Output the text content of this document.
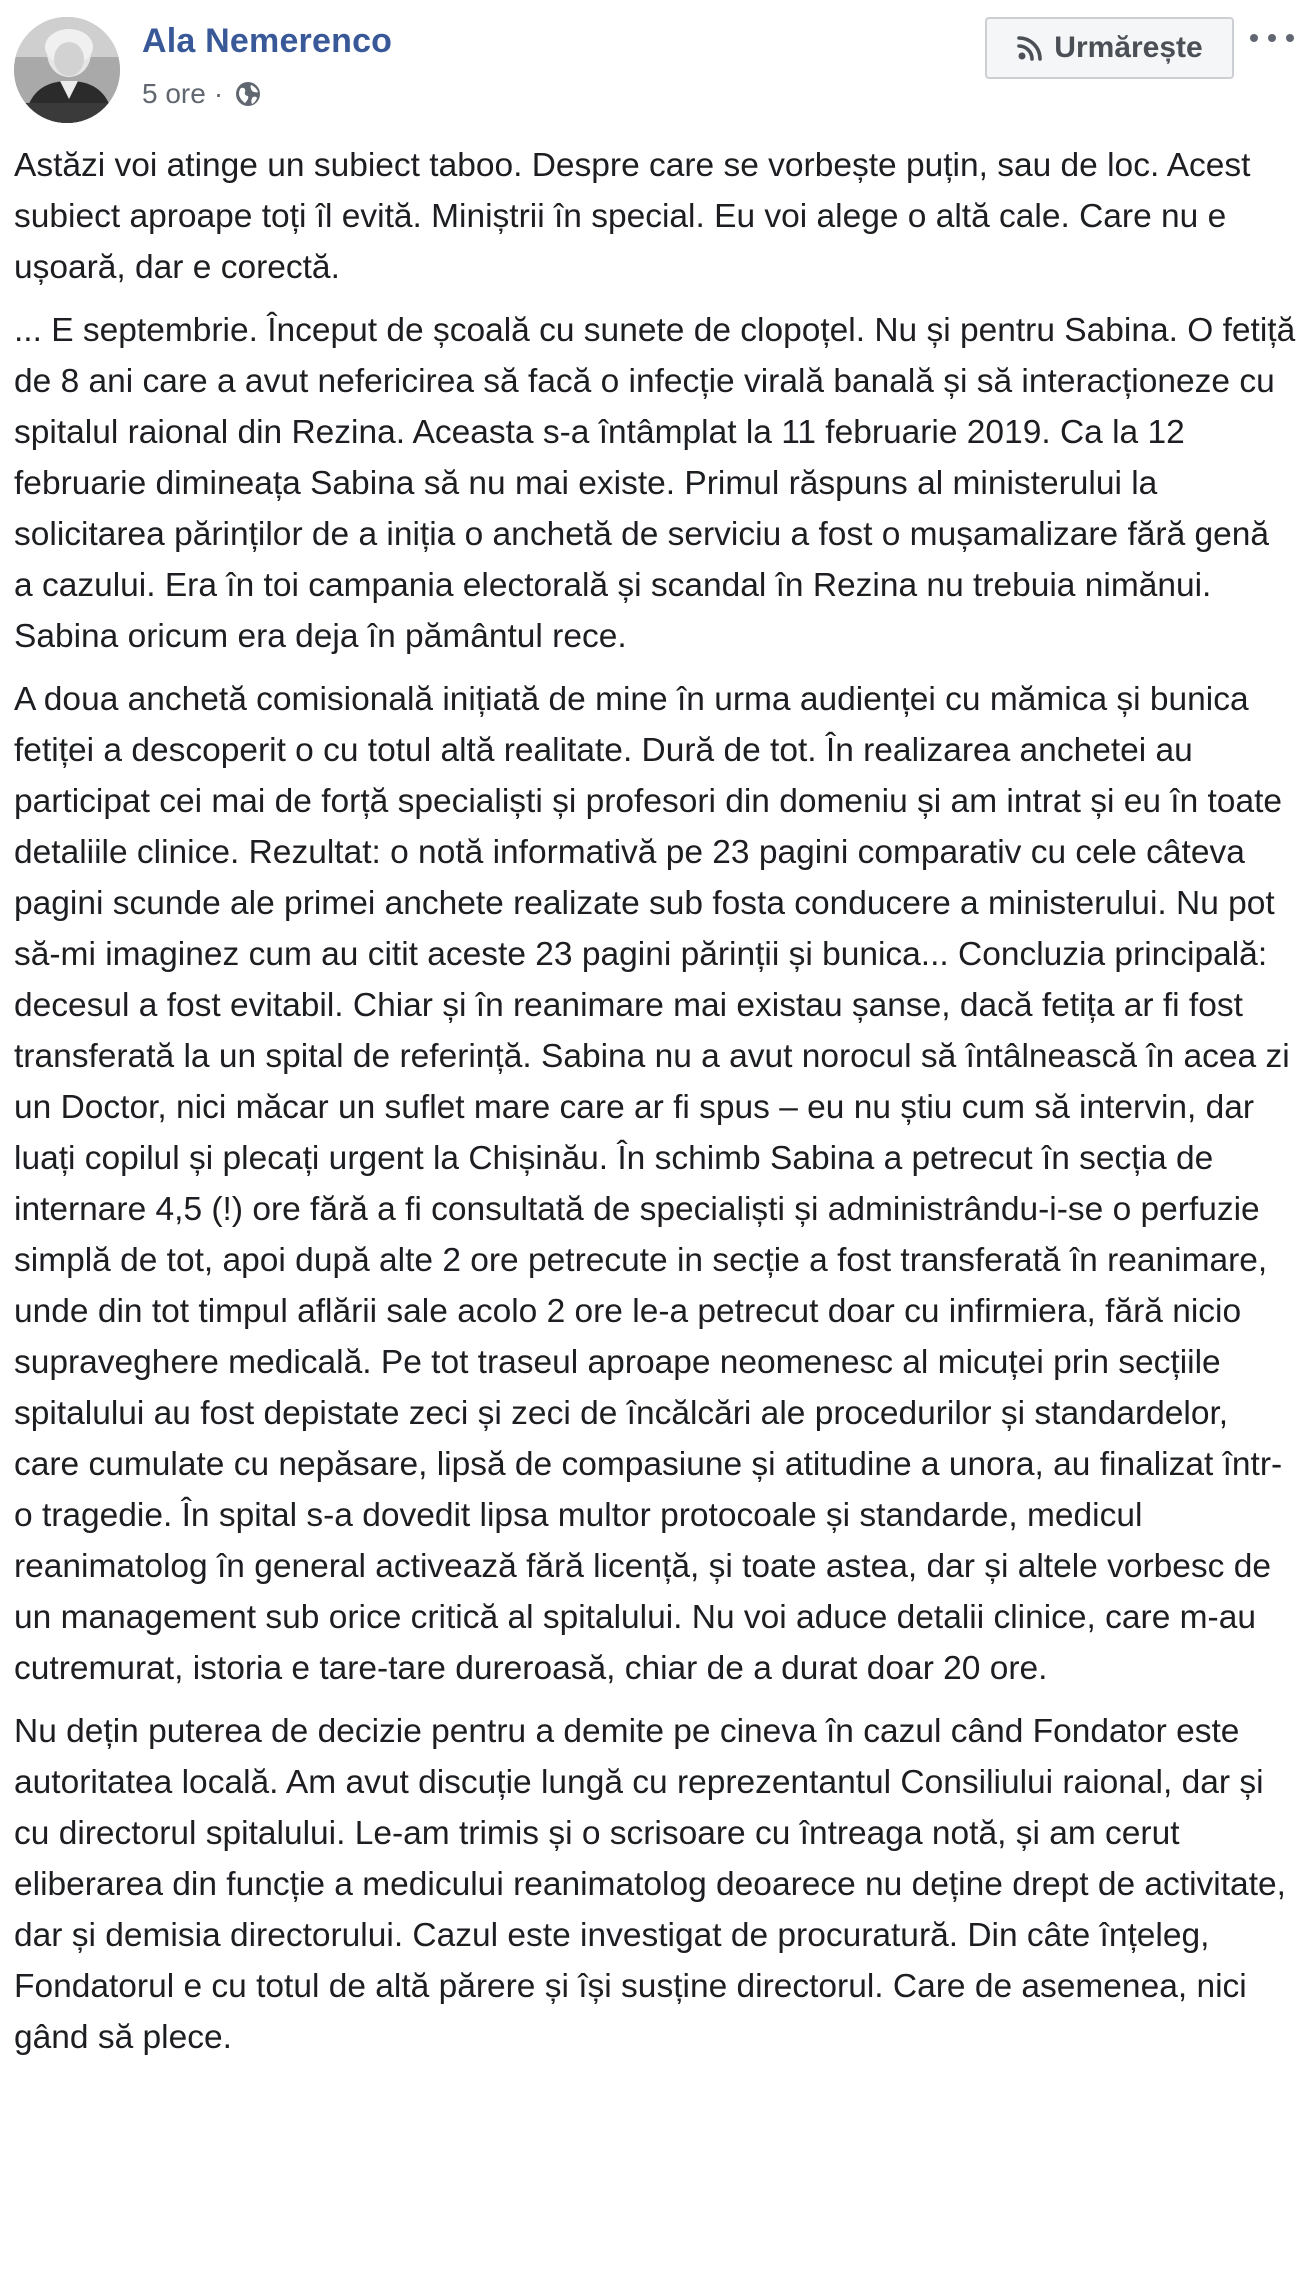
Ala Nemerenco
5 ore ·
Urmărește

Astăzi voi atinge un subiect taboo. Despre care se vorbește puțin, sau de loc. Acest subiect aproape toți îl evită. Miniștrii în special. Eu voi alege o altă cale. Care nu e ușoară, dar e corectă.

... E septembrie. Început de școală cu sunete de clopoțel. Nu și pentru Sabina. O fetiță de 8 ani care a avut nefericirea să facă o infecție virală banală și să interacționeze cu spitalul raional din Rezina. Aceasta s-a întâmplat la 11 februarie 2019. Ca la 12 februarie dimineața Sabina să nu mai existe. Primul răspuns al ministerului la solicitarea părinților de a iniția o anchetă de serviciu a fost o mușamalizare fără genă a cazului. Era în toi campania electorală și scandal în Rezina nu trebuia nimănui. Sabina oricum era deja în pământul rece.

A doua anchetă comisională inițiată de mine în urma audienței cu mămica și bunica fetiței a descoperit o cu totul altă realitate. Dură de tot. În realizarea anchetei au participat cei mai de forță specialiști și profesori din domeniu și am intrat și eu în toate detaliile clinice. Rezultat: o notă informativă pe 23 pagini comparativ cu cele câteva pagini scunde ale primei anchete realizate sub fosta conducere a ministerului. Nu pot să-mi imaginez cum au citit aceste 23 pagini părinții și bunica... Concluzia principală: decesul a fost evitabil. Chiar și în reanimare mai existau șanse, dacă fetița ar fi fost transferată la un spital de referință. Sabina nu a avut norocul să întâlnească în acea zi un Doctor, nici măcar un suflet mare care ar fi spus – eu nu știu cum să intervin, dar luați copilul și plecați urgent la Chișinău. În schimb Sabina a petrecut în secția de internare 4,5 (!) ore fără a fi consultată de specialiști și administrându-i-se o perfuzie simplă de tot, apoi după alte 2 ore petrecute in secție a fost transferată în reanimare, unde din tot timpul aflării sale acolo 2 ore le-a petrecut doar cu infirmiera, fără nicio supraveghere medicală. Pe tot traseul aproape neomenesc al micuței prin secțiile spitalului au fost depistate zeci și zeci de încălcări ale procedurilor și standardelor, care cumulate cu nepăsare, lipsă de compasiune și atitudine a unora, au finalizat într-o tragedie. În spital s-a dovedit lipsa multor protocoale și standarde, medicul reanimatolog în general activează fără licență, și toate astea, dar și altele vorbesc de un management sub orice critică al spitalului. Nu voi aduce detalii clinice, care m-au cutremurat, istoria e tare-tare dureroasă, chiar de a durat doar 20 ore.

Nu dețin puterea de decizie pentru a demite pe cineva în cazul când Fondator este autoritatea locală. Am avut discuție lungă cu reprezentantul Consiliului raional, dar și cu directorul spitalului. Le-am trimis și o scrisoare cu întreaga notă, și am cerut eliberarea din funcție a medicului reanimatolog deoarece nu deține drept de activitate, dar și demisia directorului. Cazul este investigat de procuratură. Din câte înțeleg, Fondatorul e cu totul de altă părere și își susține directorul. Care de asemenea, nici gând să plece.
